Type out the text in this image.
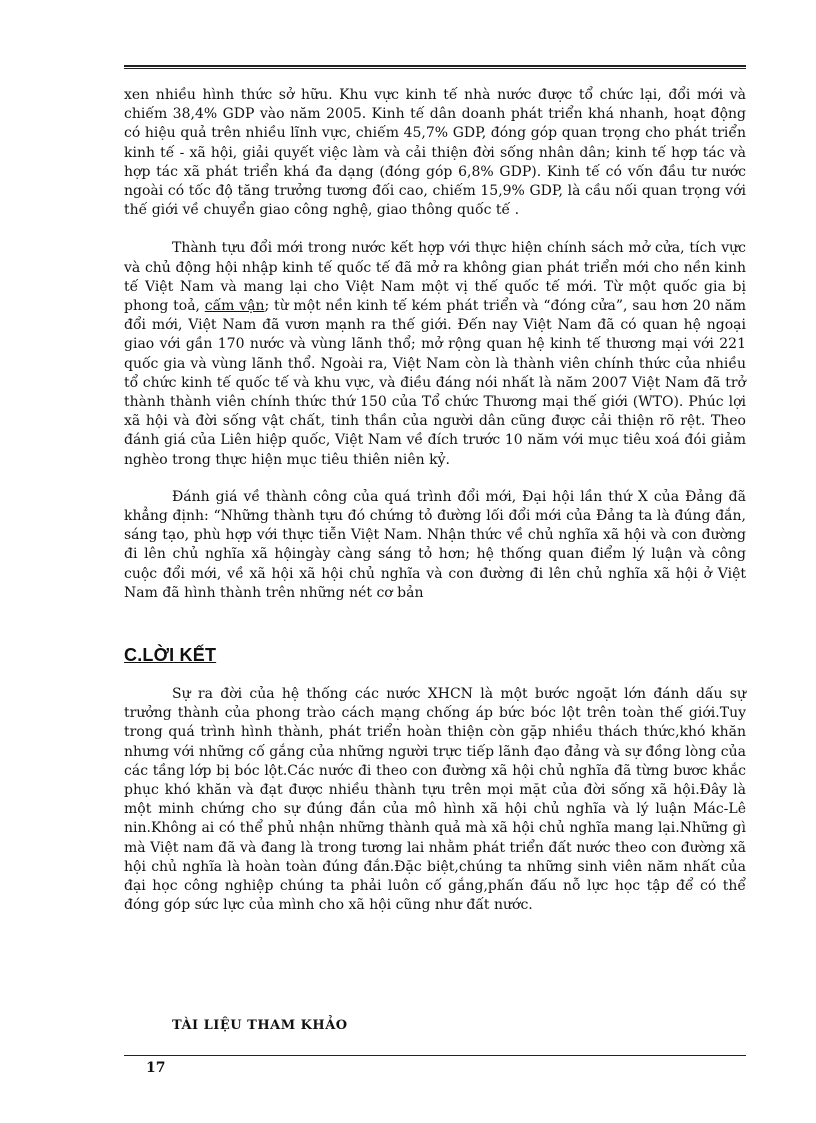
xen nhiều hình thức sở hữu. Khu vực kinh tế nhà nước được tổ chức lại, đổi mới và chiếm 38,4% GDP vào năm 2005. Kinh tế dân doanh phát triển khá nhanh, hoạt động có hiệu quả trên nhiều lĩnh vực, chiếm 45,7% GDP, đóng góp quan trọng cho phát triển kinh tế - xã hội, giải quyết việc làm và cải thiện đời sống nhân dân; kinh tế hợp tác và hợp tác xã phát triển khá đa dạng (đóng góp 6,8% GDP). Kinh tế có vốn đầu tư nước ngoài có tốc độ tăng trưởng tương đối cao, chiếm 15,9% GDP, là cầu nối quan trọng với thế giới về chuyển giao công nghệ, giao thông quốc tế .

Thành tựu đổi mới trong nước kết hợp với thực hiện chính sách mở cửa, tích vực và chủ động hội nhập kinh tế quốc tế đã mở ra không gian phát triển mới cho nền kinh tế Việt Nam và mang lại cho Việt Nam một vị thế quốc tế mới. Từ một quốc gia bị phong toả, cấm vận; từ một nền kinh tế kém phát triển và “đóng cửa”, sau hơn 20 năm đổi mới, Việt Nam đã vươn mạnh ra thế giới. Đến nay Việt Nam đã có quan hệ ngoại giao với gần 170 nước và vùng lãnh thổ; mở rộng quan hệ kinh tế thương mại với 221 quốc gia và vùng lãnh thổ. Ngoài ra, Việt Nam còn là thành viên chính thức của nhiều tổ chức kinh tế quốc tế và khu vực, và điều đáng nói nhất là năm 2007 Việt Nam đã trở thành thành viên chính thức thứ 150 của Tổ chức Thương mại thế giới (WTO). Phúc lợi xã hội và đời sống vật chất, tinh thần của người dân cũng được cải thiện rõ rệt. Theo đánh giá của Liên hiệp quốc, Việt Nam về đích trước 10 năm với mục tiêu xoá đói giảm nghèo trong thực hiện mục tiêu thiên niên kỷ.

Đánh giá về thành công của quá trình đổi mới, Đại hội lần thứ X của Đảng đã khẳng định: “Những thành tựu đó chứng tỏ đường lối đổi mới của Đảng ta là đúng đắn, sáng tạo, phù hợp với thực tiễn Việt Nam. Nhận thức về chủ nghĩa xã hội và con đường đi lên chủ nghĩa xã hộingày càng sáng tỏ hơn; hệ thống quan điểm lý luận và công cuộc đổi mới, về xã hội xã hội chủ nghĩa và con đường đi lên chủ nghĩa xã hội ở Việt Nam đã hình thành trên những nét cơ bản

C.LỜI KẾT

Sự ra đời của hệ thống các nước XHCN là một bước ngoặt lớn đánh dấu sự trưởng thành của phong trào cách mạng chống áp bức bóc lột trên toàn thế giới.Tuy trong quá trình hình thành, phát triển hoàn thiện còn gặp nhiều thách thức,khó khăn nhưng với những cố gắng của những người trực tiếp lãnh đạo đảng và sự đồng lòng của các tầng lớp bị bóc lột.Các nước đi theo con đường xã hội chủ nghĩa đã từng bươc khắc phục khó khăn và đạt được nhiều thành tựu trên mọi mặt của đời sống xã hội.Đây là một minh chứng cho sự đúng đắn của mô hình xã hội chủ nghĩa và lý luận Mác-Lê nin.Không ai có thể phủ nhận những thành quả mà xã hội chủ nghĩa mang lại.Những gì mà Việt nam đã và đang là trong tương lai nhằm phát triển đất nước theo con đường xã hội chủ nghĩa là hoàn toàn đúng đắn.Đặc biệt,chúng ta những sinh viên năm nhất của đại học công nghiệp chúng ta phải luôn cố gắng,phấn đấu nỗ lực học tập để có thể đóng góp sức lực của mình cho xã hội cũng như đất nước.

TÀI LIỆU THAM KHẢO

17
